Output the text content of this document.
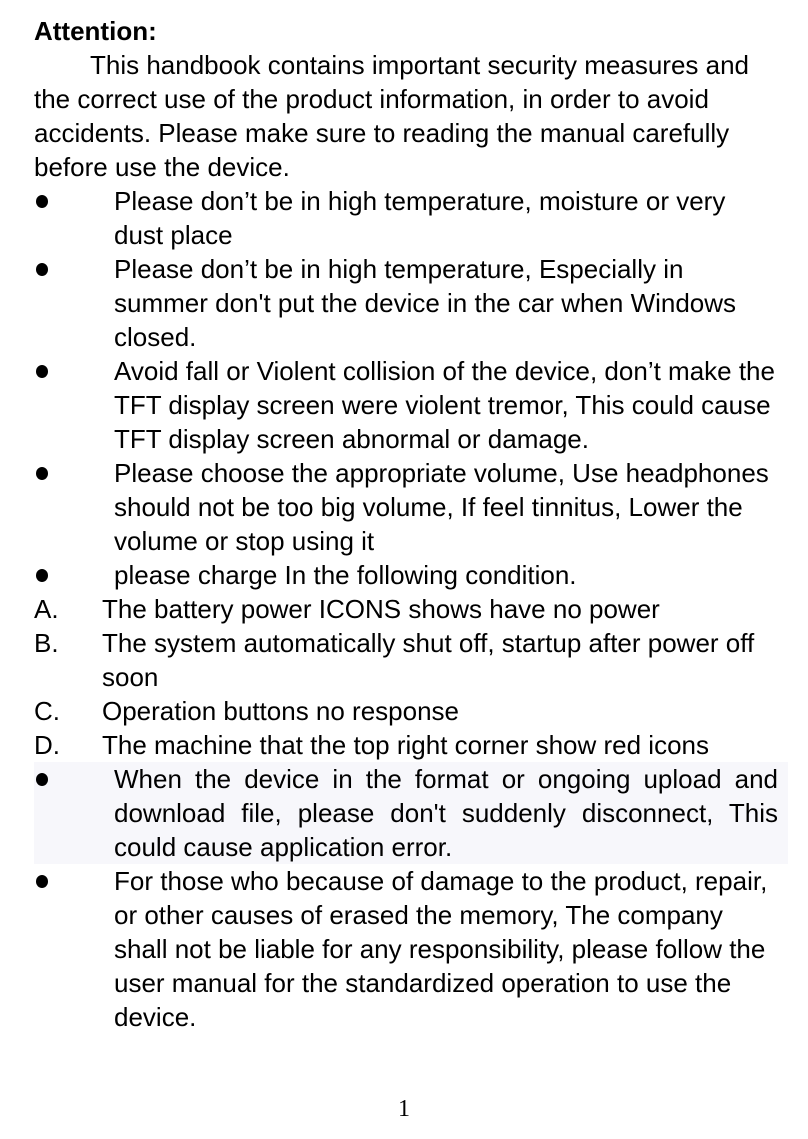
Attention:

This handbook contains important security measures and the correct use of the product information, in order to avoid accidents. Please make sure to reading the manual carefully before use the device.

Please don’t be in high temperature, moisture or very dust place
Please don’t be in high temperature, Especially in summer don't put the device in the car when Windows closed.
Avoid fall or Violent collision of the device, don’t make the TFT display screen were violent tremor, This could cause TFT display screen abnormal or damage.
Please choose the appropriate volume, Use headphones should not be too big volume, If feel tinnitus, Lower the volume or stop using it
please charge In the following condition.
A. The battery power ICONS shows have no power
B. The system automatically shut off, startup after power off soon
C. Operation buttons no response
D. The machine that the top right corner show red icons
When the device in the format or ongoing upload and download file, please don't suddenly disconnect, This could cause application error.
For those who because of damage to the product, repair, or other causes of erased the memory, The company shall not be liable for any responsibility, please follow the user manual for the standardized operation to use the device.
1
